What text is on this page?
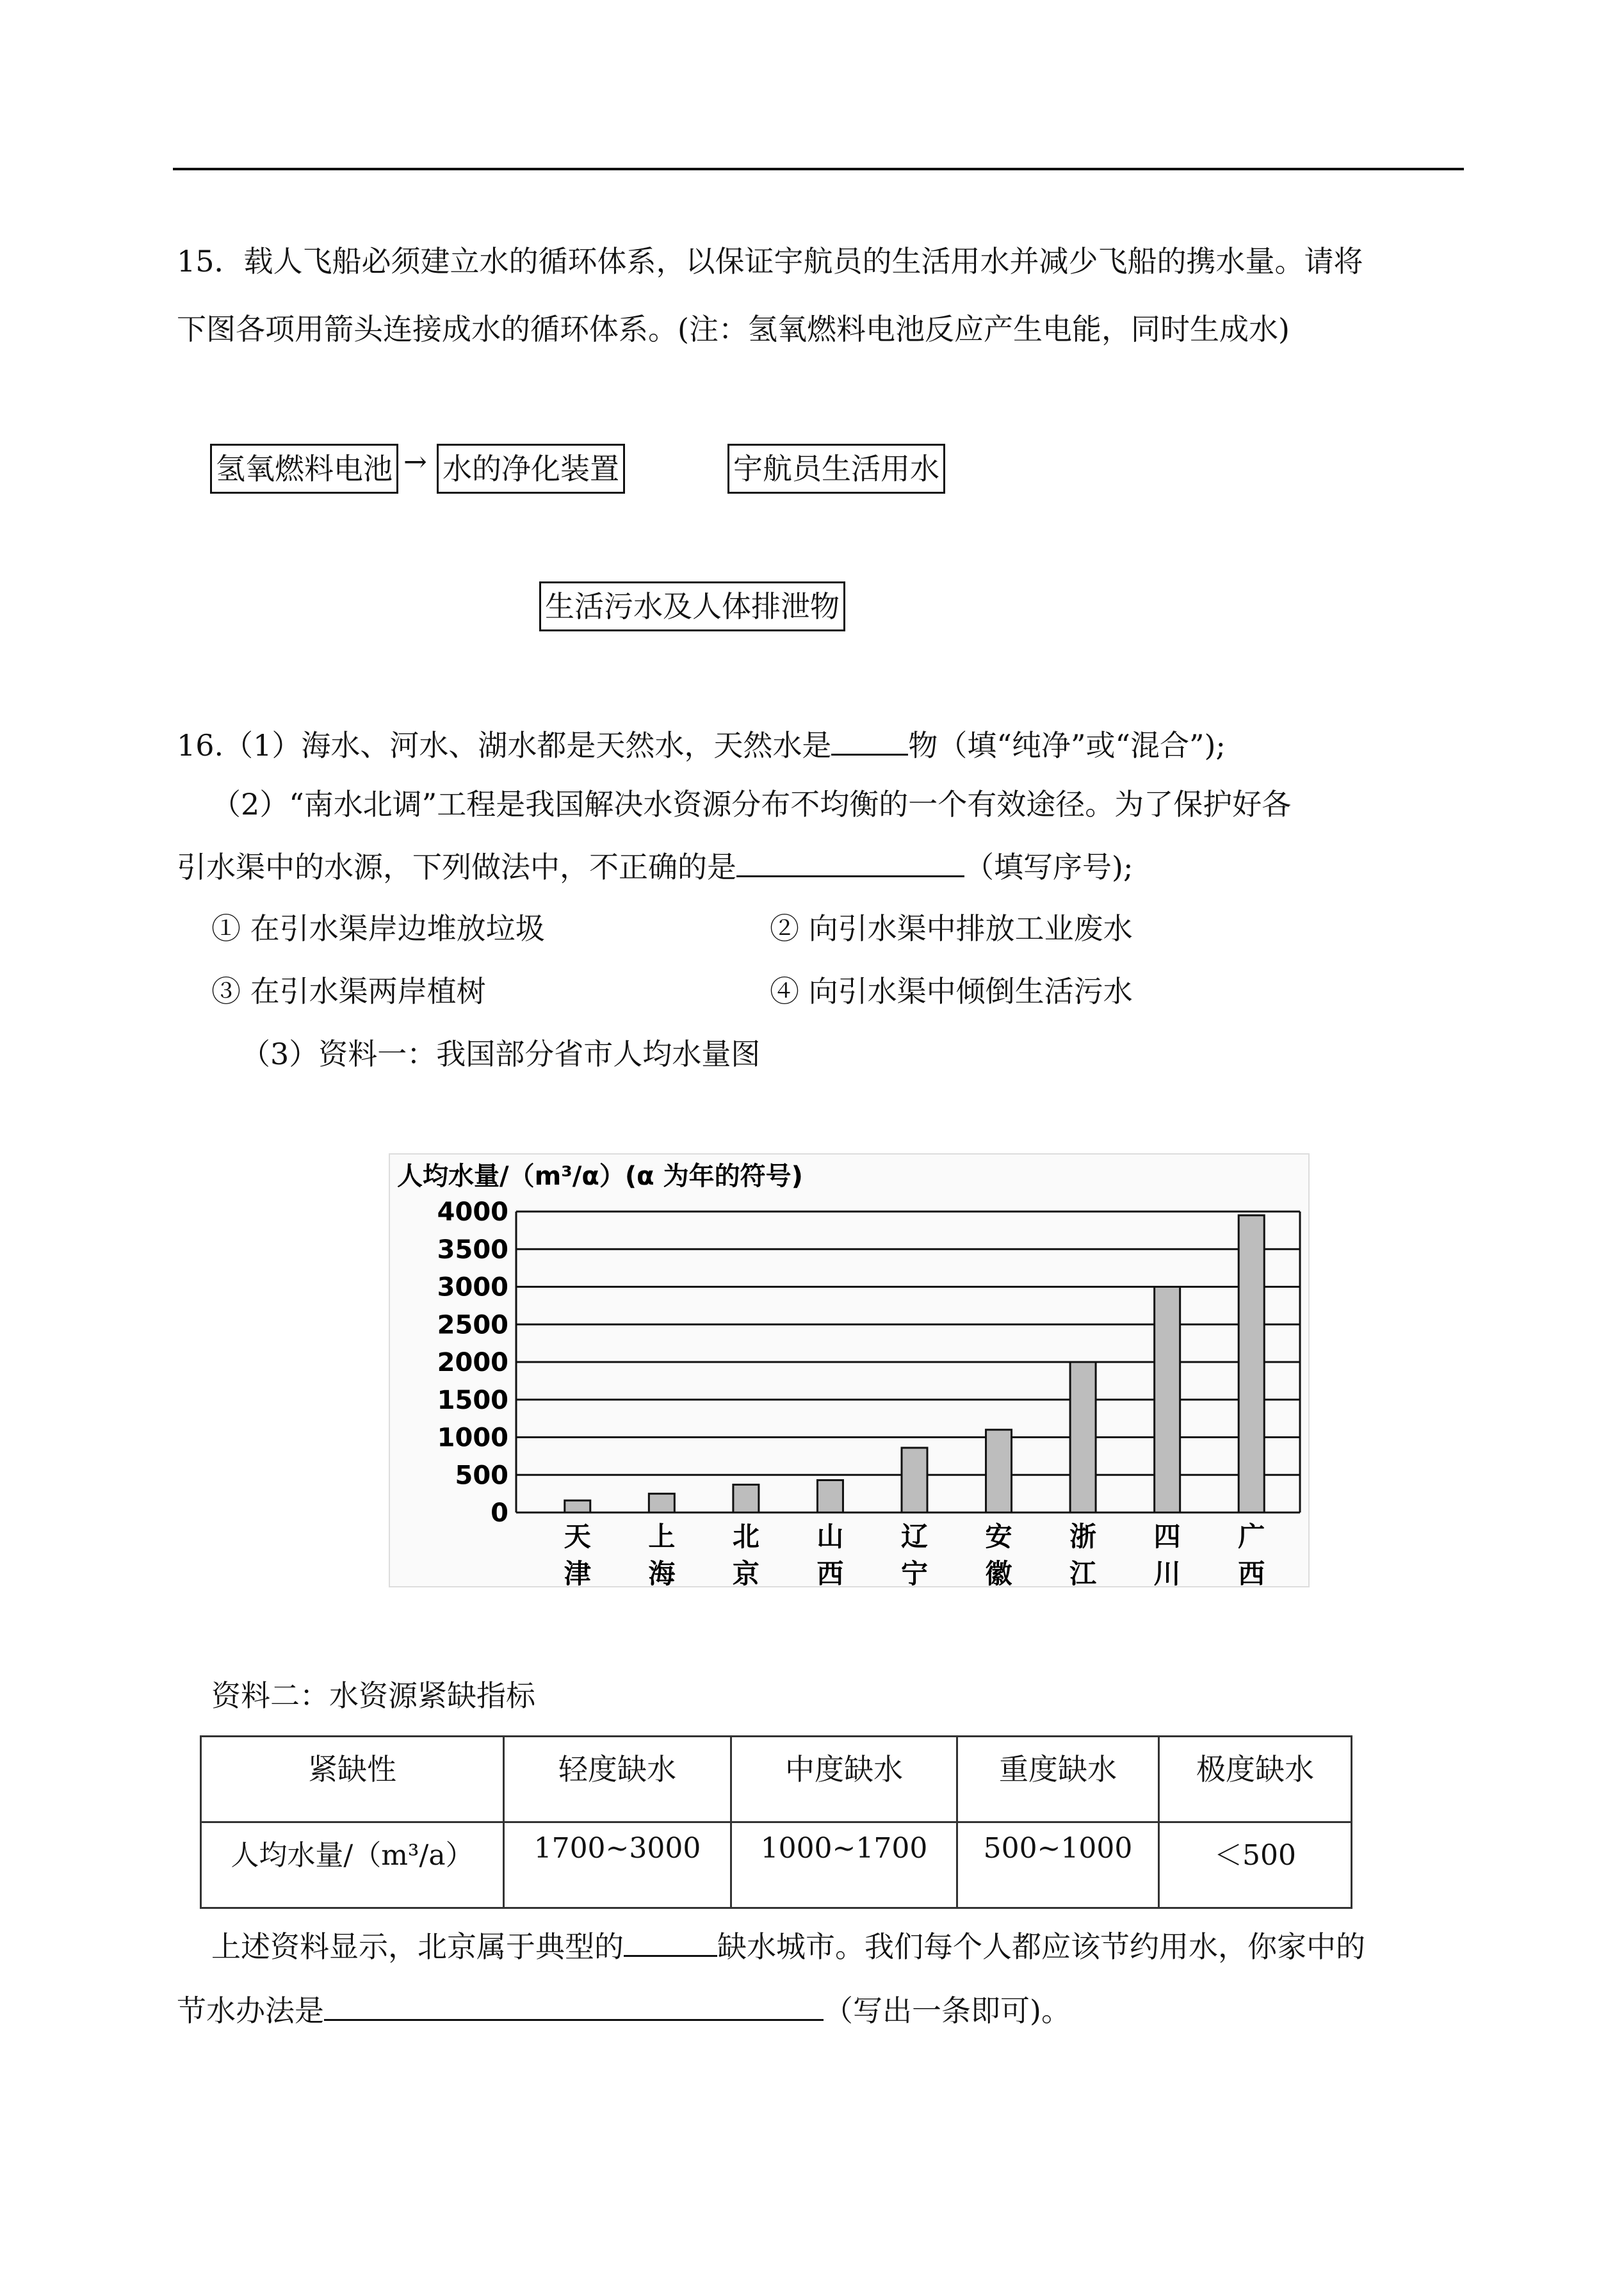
15．载人飞船必须建立水的循环体系，以保证宇航员的生活用水并减少飞船的携水量。请将
下图各项用箭头连接成水的循环体系。(注：氢氧燃料电池反应产生电能，同时生成水)
氢氧燃料电池 → 水的净化装置	宇航员生活用水
生活污水及人体排泄物
16.（1）海水、河水、湖水都是天然水，天然水是	物（填“纯净”或“混合”);
（2）“南水北调”工程是我国解决水资源分布不均衡的一个有效途径。为了保护好各
引水渠中的水源，下列做法中，不正确的是	（填写序号);
① 在引水渠岸边堆放垃圾	② 向引水渠中排放工业废水
③ 在引水渠两岸植树	④ 向引水渠中倾倒生活污水
（3）资料一：我国部分省市人均水量图
人均水量/（m³/α）(α 为年的符号)
4000
3500
3000
2500
2000
1500
1000
500
0
天
津
上
海
北
京
山
西
辽
宁
安
徽
浙
江
四
川
广
西
资料二：水资源紧缺指标
紧缺性	轻度缺水	中度缺水	重度缺水	极度缺水
人均水量/（m³/a）	1700~3000	1000~1700	500~1000	＜500
上述资料显示，北京属于典型的	缺水城市。我们每个人都应该节约用水，你家中的
节水办法是	（写出一条即可)。
